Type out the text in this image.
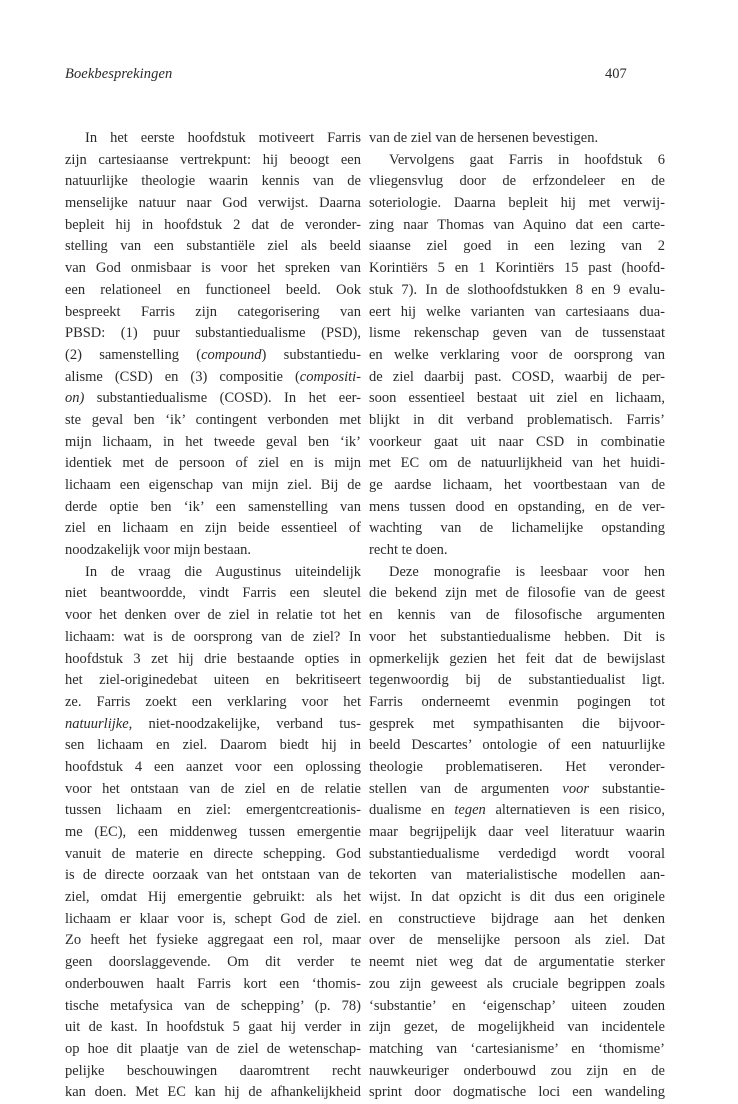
Boekbesprekingen	407
In het eerste hoofdstuk motiveert Farris
zijn cartesiaanse vertrekpunt: hij beoogt een
natuurlijke theologie waarin kennis van de
menselijke natuur naar God verwijst. Daarna
bepleit hij in hoofdstuk 2 dat de veronder-
stelling van een substantiële ziel als beeld
van God onmisbaar is voor het spreken van
een relationeel en functioneel beeld. Ook
bespreekt Farris zijn categorisering van
PBSD: (1) puur substantiedualisme (PSD),
(2) samenstelling (compound) substantiedu-
alisme (CSD) en (3) compositie (compositi-
on) substantiedualisme (COSD). In het eer-
ste geval ben ‘ik’ contingent verbonden met
mijn lichaam, in het tweede geval ben ‘ik’
identiek met de persoon of ziel en is mijn
lichaam een eigenschap van mijn ziel. Bij de
derde optie ben ‘ik’ een samenstelling van
ziel en lichaam en zijn beide essentieel of
noodzakelijk voor mijn bestaan.
In de vraag die Augustinus uiteindelijk
niet beantwoordde, vindt Farris een sleutel
voor het denken over de ziel in relatie tot het
lichaam: wat is de oorsprong van de ziel? In
hoofdstuk 3 zet hij drie bestaande opties in
het ziel-originedebat uiteen en bekritiseert
ze. Farris zoekt een verklaring voor het
natuurlijke, niet-noodzakelijke, verband tus-
sen lichaam en ziel. Daarom biedt hij in
hoofdstuk 4 een aanzet voor een oplossing
voor het ontstaan van de ziel en de relatie
tussen lichaam en ziel: emergentcreationis-
me (EC), een middenweg tussen emergentie
vanuit de materie en directe schepping. God
is de directe oorzaak van het ontstaan van de
ziel, omdat Hij emergentie gebruikt: als het
lichaam er klaar voor is, schept God de ziel.
Zo heeft het fysieke aggregaat een rol, maar
geen doorslaggevende. Om dit verder te
onderbouwen haalt Farris kort een ‘thomis-
tische metafysica van de schepping’ (p. 78)
uit de kast. In hoofdstuk 5 gaat hij verder in
op hoe dit plaatje van de ziel de wetenschap-
pelijke beschouwingen daaromtrent recht
kan doen. Met EC kan hij de afhankelijkheid
van de ziel van de hersenen bevestigen.
Vervolgens gaat Farris in hoofdstuk 6
vliegensvlug door de erfzondeleer en de
soteriologie. Daarna bepleit hij met verwij-
zing naar Thomas van Aquino dat een carte-
siaanse ziel goed in een lezing van 2
Korintiërs 5 en 1 Korintiërs 15 past (hoofd-
stuk 7). In de slothoofdstukken 8 en 9 evalu-
eert hij welke varianten van cartesiaans dua-
lisme rekenschap geven van de tussenstaat
en welke verklaring voor de oorsprong van
de ziel daarbij past. COSD, waarbij de per-
soon essentieel bestaat uit ziel en lichaam,
blijkt in dit verband problematisch. Farris’
voorkeur gaat uit naar CSD in combinatie
met EC om de natuurlijkheid van het huidi-
ge aardse lichaam, het voortbestaan van de
mens tussen dood en opstanding, en de ver-
wachting van de lichamelijke opstanding
recht te doen.
Deze monografie is leesbaar voor hen
die bekend zijn met de filosofie van de geest
en kennis van de filosofische argumenten
voor het substantiedualisme hebben. Dit is
opmerkelijk gezien het feit dat de bewijslast
tegenwoordig bij de substantiedualist ligt.
Farris onderneemt evenmin pogingen tot
gesprek met sympathisanten die bijvoor-
beeld Descartes’ ontologie of een natuurlijke
theologie problematiseren. Het veronder-
stellen van de argumenten voor substantie-
dualisme en tegen alternatieven is een risico,
maar begrijpelijk daar veel literatuur waarin
substantiedualisme verdedigd wordt vooral
tekorten van materialistische modellen aan-
wijst. In dat opzicht is dit dus een originele
en constructieve bijdrage aan het denken
over de menselijke persoon als ziel. Dat
neemt niet weg dat de argumentatie sterker
zou zijn geweest als cruciale begrippen zoals
‘substantie’ en ‘eigenschap’ uiteen zouden
zijn gezet, de mogelijkheid van incidentele
matching van ‘cartesianisme’ en ‘thomisme’
nauwkeuriger onderbouwd zou zijn en de
sprint door dogmatische loci een wandeling
